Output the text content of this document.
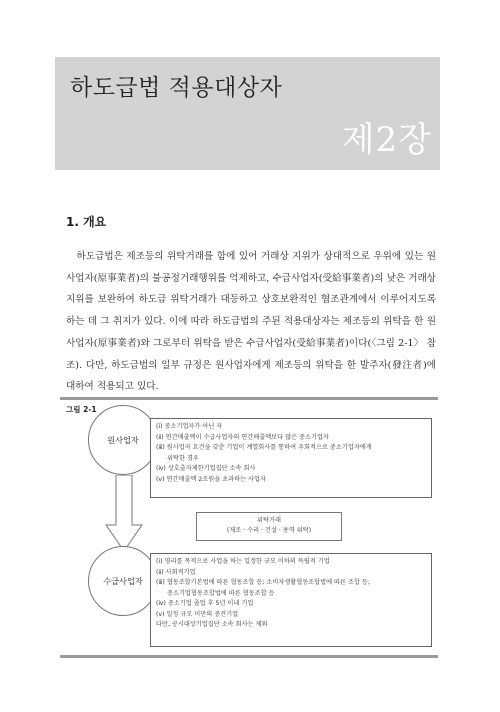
하도급법 적용대상자
제2장
1. 개요

하도급법은 제조등의 위탁거래를 함에 있어 거래상 지위가 상대적으로 우위에 있는 원사업자(原事業者)의 불공정거래행위를 억제하고, 수급사업자(受給事業者)의 낮은 거래상 지위를 보완하여 하도급 위탁거래가 대등하고 상호보완적인 협조관계에서 이루어지도록 하는 데 그 취지가 있다. 이에 따라 하도급법의 주된 적용대상자는 제조등의 위탁을 한 원사업자(原事業者)와 그로부터 위탁을 받은 수급사업자(受給事業者)이다(〈그림 2-1〉 참조). 다만, 하도급법의 일부 규정은 원사업자에게 제조등의 위탁을 한 발주자(發注者)에 대하여 적용되고 있다.

그림 2-1
원사업자
(ⅰ) 중소기업자가 아닌 자
(ⅱ) 연간매출액이 수급사업자의 연간매출액보다 많은 중소기업자
(ⅲ) 원사업자 요건을 갖춘 기업이 계열회사를 통하여 우회적으로 중소기업자에게
위탁한 경우
(ⅳ) 상호출자제한기업집단 소속 회사
(ⅴ) 연간매출액 2조원을 초과하는 사업자
위탁거래
(제조 · 수리 · 건설 · 용역 위탁)
수급사업자
(ⅰ) 영리를 목적으로 사업을 하는 일정한 규모 이하의 독립적 기업
(ⅱ) 사회적기업
(ⅲ) 협동조합기본법에 따른 협동조합 등; 소비자생활협동조합법에 따른 조합 등;
중소기업협동조합법에 따른 협동조합 등
(ⅳ) 중소기업 졸업 후 5년 이내 기업
(ⅴ) 일정 규모 미만의 중견기업
다만, 공시대상기업집단 소속 회사는 제외
